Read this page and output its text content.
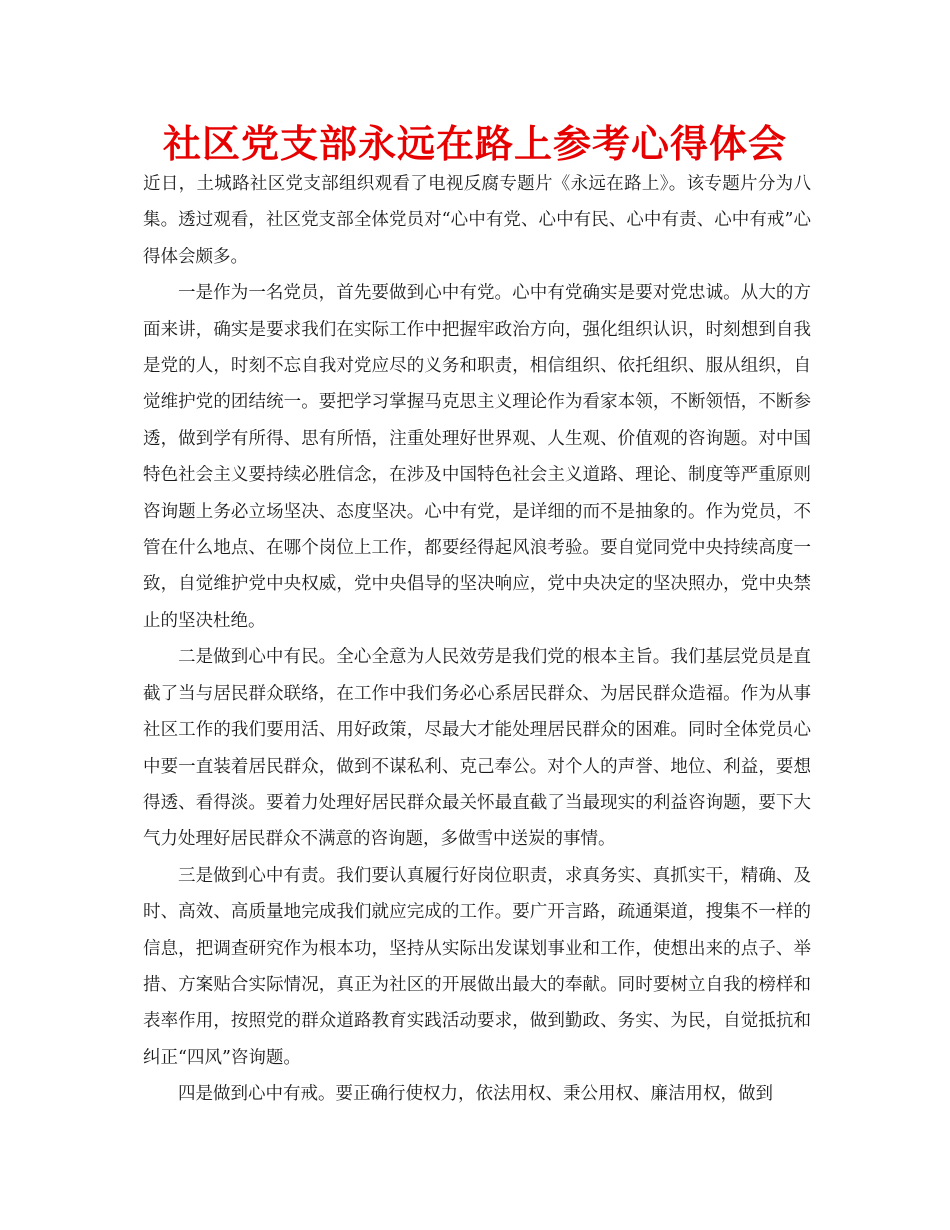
社区党支部永远在路上参考心得体会

近日，土城路社区党支部组织观看了电视反腐专题片《永远在路上》。该专题片分为八集。透过观看，社区党支部全体党员对“心中有党、心中有民、心中有责、心中有戒”心得体会颇多。

一是作为一名党员，首先要做到心中有党。心中有党确实是要对党忠诚。从大的方面来讲，确实是要求我们在实际工作中把握牢政治方向，强化组织认识，时刻想到自我是党的人，时刻不忘自我对党应尽的义务和职责，相信组织、依托组织、服从组织，自觉维护党的团结统一。要把学习掌握马克思主义理论作为看家本领，不断领悟，不断参透，做到学有所得、思有所悟，注重处理好世界观、人生观、价值观的咨询题。对中国特色社会主义要持续必胜信念，在涉及中国特色社会主义道路、理论、制度等严重原则咨询题上务必立场坚决、态度坚决。心中有党，是详细的而不是抽象的。作为党员，不管在什么地点、在哪个岗位上工作，都要经得起风浪考验。要自觉同党中央持续高度一致，自觉维护党中央权威，党中央倡导的坚决响应，党中央决定的坚决照办，党中央禁止的坚决杜绝。

二是做到心中有民。全心全意为人民效劳是我们党的根本主旨。我们基层党员是直截了当与居民群众联络，在工作中我们务必心系居民群众、为居民群众造福。作为从事社区工作的我们要用活、用好政策，尽最大才能处理居民群众的困难。同时全体党员心中要一直装着居民群众，做到不谋私利、克己奉公。对个人的声誉、地位、利益，要想得透、看得淡。要着力处理好居民群众最关怀最直截了当最现实的利益咨询题，要下大气力处理好居民群众不满意的咨询题，多做雪中送炭的事情。

三是做到心中有责。我们要认真履行好岗位职责，求真务实、真抓实干，精确、及时、高效、高质量地完成我们就应完成的工作。要广开言路，疏通渠道，搜集不一样的信息，把调查研究作为根本功，坚持从实际出发谋划事业和工作，使想出来的点子、举措、方案贴合实际情况，真正为社区的开展做出最大的奉献。同时要树立自我的榜样和表率作用，按照党的群众道路教育实践活动要求，做到勤政、务实、为民，自觉抵抗和纠正“四风”咨询题。

四是做到心中有戒。要正确行使权力，依法用权、秉公用权、廉洁用权，做到
